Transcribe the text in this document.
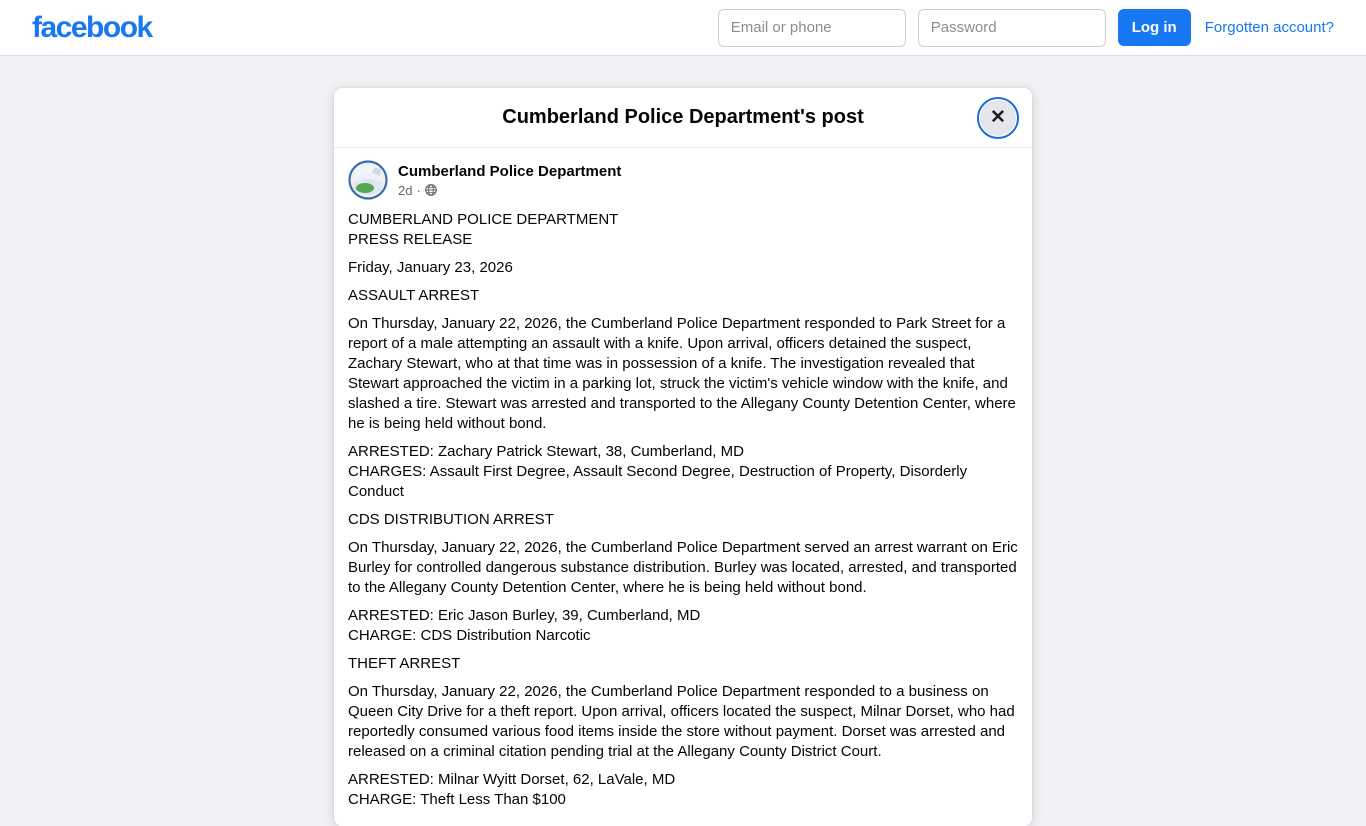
facebook
Email or phone	Log in	Forgotten account?
Cumberland Police Department's post	✕
Cumberland Police Department
2d ·
CUMBERLAND POLICE DEPARTMENT
PRESS RELEASE
Friday, January 23, 2026
ASSAULT ARREST
On Thursday, January 22, 2026, the Cumberland Police Department responded to Park Street for a report of a male attempting an assault with a knife. Upon arrival, officers detained the suspect, Zachary Stewart, who at that time was in possession of a knife. The investigation revealed that Stewart approached the victim in a parking lot, struck the victim's vehicle window with the knife, and slashed a tire. Stewart was arrested and transported to the Allegany County Detention Center, where he is being held without bond.
ARRESTED: Zachary Patrick Stewart, 38, Cumberland, MD
CHARGES: Assault First Degree, Assault Second Degree, Destruction of Property, Disorderly Conduct
CDS DISTRIBUTION ARREST
On Thursday, January 22, 2026, the Cumberland Police Department served an arrest warrant on Eric Burley for controlled dangerous substance distribution. Burley was located, arrested, and transported to the Allegany County Detention Center, where he is being held without bond.
ARRESTED: Eric Jason Burley, 39, Cumberland, MD
CHARGE: CDS Distribution Narcotic
THEFT ARREST
On Thursday, January 22, 2026, the Cumberland Police Department responded to a business on Queen City Drive for a theft report. Upon arrival, officers located the suspect, Milnar Dorset, who had reportedly consumed various food items inside the store without payment. Dorset was arrested and released on a criminal citation pending trial at the Allegany County District Court.
ARRESTED: Milnar Wyitt Dorset, 62, LaVale, MD
CHARGE: Theft Less Than $100
